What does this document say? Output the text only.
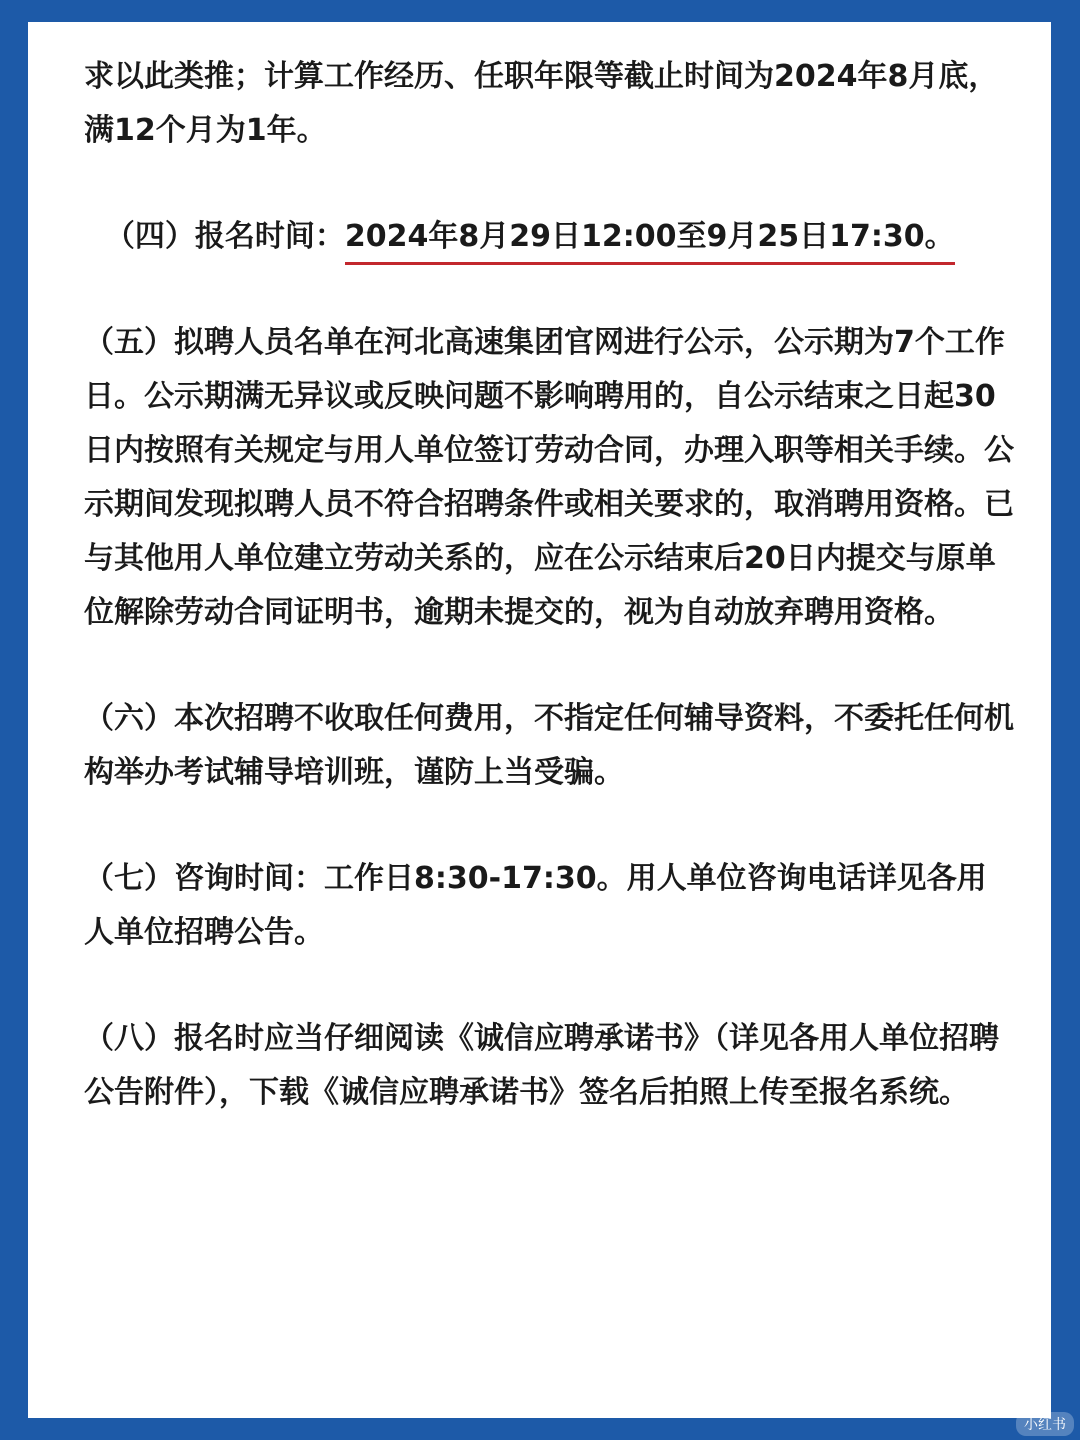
求以此类推；计算工作经历、任职年限等截止时间为2024年8月底，
满12个月为1年。

（四）报名时间：2024年8月29日12:00至9月25日17:30。

（五）拟聘人员名单在河北高速集团官网进行公示，公示期为7个工作日。公示期满无异议或反映问题不影响聘用的，自公示结束之日起30日内按照有关规定与用人单位签订劳动合同，办理入职等相关手续。公示期间发现拟聘人员不符合招聘条件或相关要求的，取消聘用资格。已与其他用人单位建立劳动关系的，应在公示结束后20日内提交与原单位解除劳动合同证明书，逾期未提交的，视为自动放弃聘用资格。

（六）本次招聘不收取任何费用，不指定任何辅导资料，不委托任何机构举办考试辅导培训班，谨防上当受骗。

（七）咨询时间：工作日8:30-17:30。用人单位咨询电话详见各用人单位招聘公告。

（八）报名时应当仔细阅读《诚信应聘承诺书》（详见各用人单位招聘公告附件），下载《诚信应聘承诺书》签名后拍照上传至报名系统。

小红书
